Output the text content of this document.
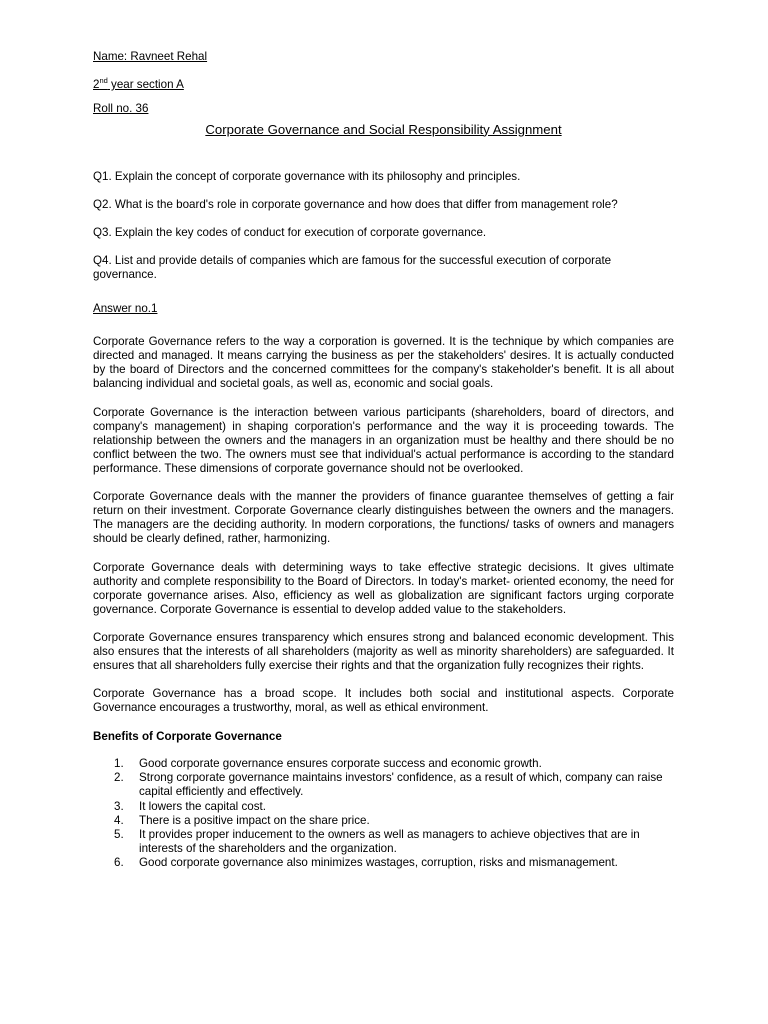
Name: Ravneet Rehal

2nd year section A

Roll no. 36

Corporate Governance and Social Responsibility Assignment

Q1. Explain the concept of corporate governance with its philosophy and principles.

Q2. What is the board's role in corporate governance and how does that differ from management role?

Q3. Explain the key codes of conduct for execution of corporate governance.

Q4. List and provide details of companies which are famous for the successful execution of corporate governance.

Answer no.1

Corporate Governance refers to the way a corporation is governed. It is the technique by which companies are directed and managed. It means carrying the business as per the stakeholders' desires. It is actually conducted by the board of Directors and the concerned committees for the company's stakeholder's benefit. It is all about balancing individual and societal goals, as well as, economic and social goals.

Corporate Governance is the interaction between various participants (shareholders, board of directors, and company's management) in shaping corporation's performance and the way it is proceeding towards. The relationship between the owners and the managers in an organization must be healthy and there should be no conflict between the two. The owners must see that individual's actual performance is according to the standard performance. These dimensions of corporate governance should not be overlooked.

Corporate Governance deals with the manner the providers of finance guarantee themselves of getting a fair return on their investment. Corporate Governance clearly distinguishes between the owners and the managers. The managers are the deciding authority. In modern corporations, the functions/ tasks of owners and managers should be clearly defined, rather, harmonizing.

Corporate Governance deals with determining ways to take effective strategic decisions. It gives ultimate authority and complete responsibility to the Board of Directors. In today's market- oriented economy, the need for corporate governance arises. Also, efficiency as well as globalization are significant factors urging corporate governance. Corporate Governance is essential to develop added value to the stakeholders.

Corporate Governance ensures transparency which ensures strong and balanced economic development. This also ensures that the interests of all shareholders (majority as well as minority shareholders) are safeguarded. It ensures that all shareholders fully exercise their rights and that the organization fully recognizes their rights.

Corporate Governance has a broad scope. It includes both social and institutional aspects. Corporate Governance encourages a trustworthy, moral, as well as ethical environment.

Benefits of Corporate Governance

1. Good corporate governance ensures corporate success and economic growth.
2. Strong corporate governance maintains investors' confidence, as a result of which, company can raise capital efficiently and effectively.
3. It lowers the capital cost.
4. There is a positive impact on the share price.
5. It provides proper inducement to the owners as well as managers to achieve objectives that are in interests of the shareholders and the organization.
6. Good corporate governance also minimizes wastages, corruption, risks and mismanagement.
